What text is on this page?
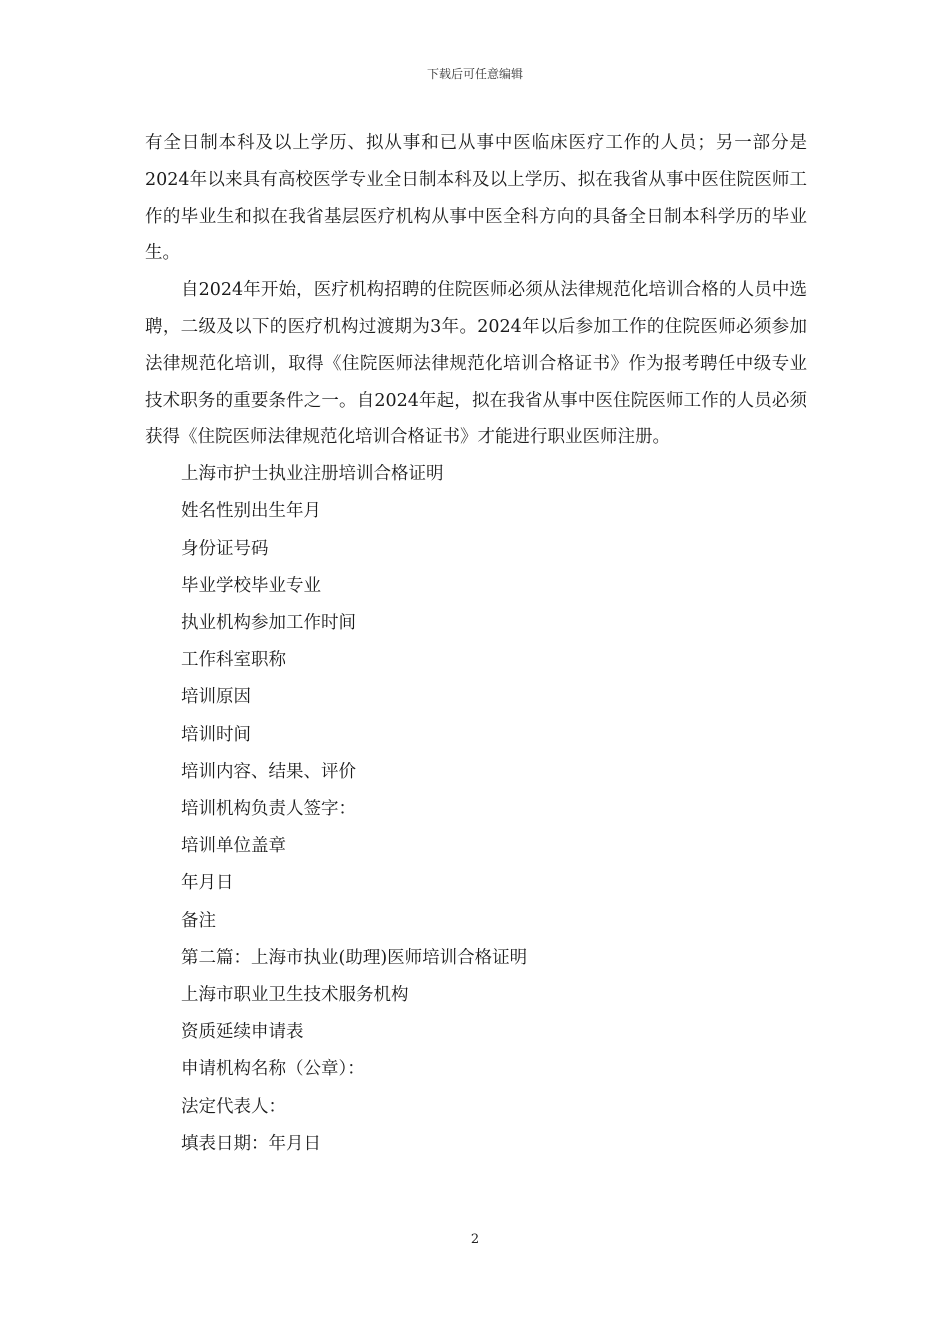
下载后可任意编辑

有全日制本科及以上学历、拟从事和已从事中医临床医疗工作的人员；另一部分是2024年以来具有高校医学专业全日制本科及以上学历、拟在我省从事中医住院医师工作的毕业生和拟在我省基层医疗机构从事中医全科方向的具备全日制本科学历的毕业生。

自2024年开始，医疗机构招聘的住院医师必须从法律规范化培训合格的人员中选聘，二级及以下的医疗机构过渡期为3年。2024年以后参加工作的住院医师必须参加法律规范化培训，取得《住院医师法律规范化培训合格证书》作为报考聘任中级专业技术职务的重要条件之一。自2024年起，拟在我省从事中医住院医师工作的人员必须获得《住院医师法律规范化培训合格证书》才能进行职业医师注册。

上海市护士执业注册培训合格证明
姓名性别出生年月
身份证号码
毕业学校毕业专业
执业机构参加工作时间
工作科室职称
培训原因
培训时间
培训内容、结果、评价
培训机构负责人签字：
培训单位盖章
年月日
备注
第二篇：上海市执业(助理)医师培训合格证明
上海市职业卫生技术服务机构
资质延续申请表
申请机构名称（公章）：
法定代表人：
填表日期：年月日
2
